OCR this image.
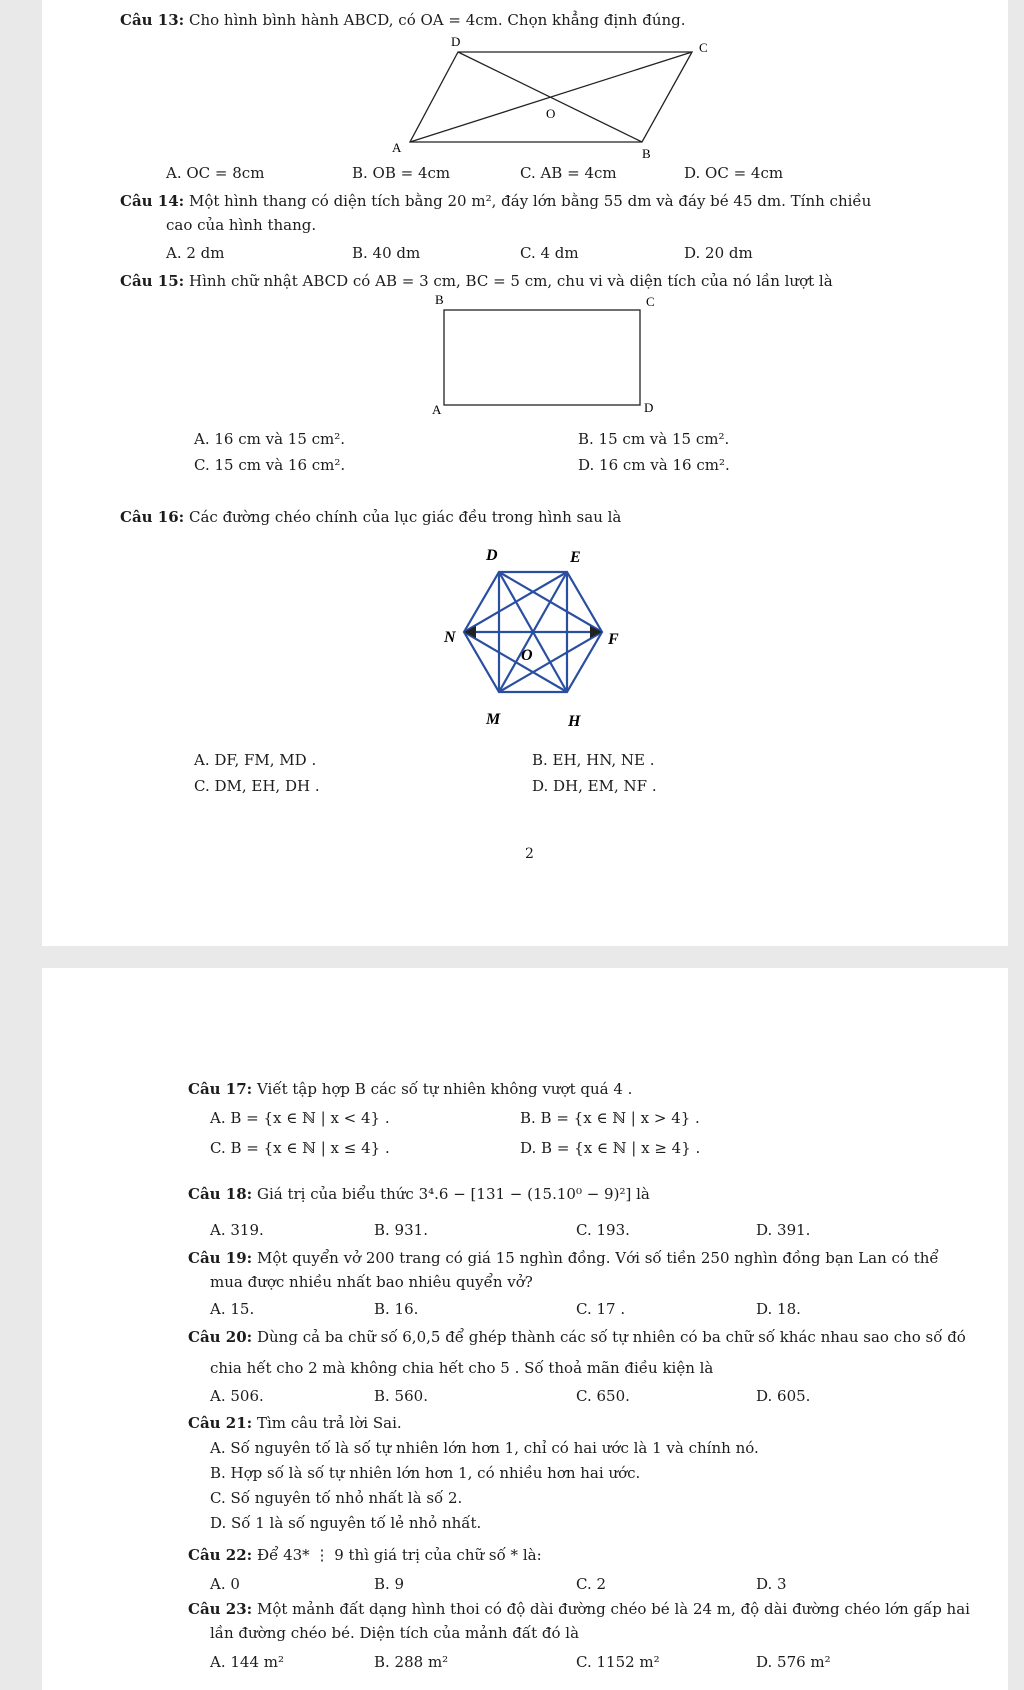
Câu 13: Cho hình bình hành ABCD, có OA = 4cm. Chọn khẳng định đúng.
D	C
O
A	B
A. OC = 8cm	B. OB = 4cm	C. AB = 4cm	D. OC = 4cm
Câu 14: Một hình thang có diện tích bằng 20 m², đáy lớn bằng 55 dm và đáy bé 45 dm. Tính chiều
cao của hình thang.
A. 2 dm	B. 40 dm	C. 4 dm	D. 20 dm
Câu 15: Hình chữ nhật ABCD có AB = 3 cm, BC = 5 cm, chu vi và diện tích của nó lần lượt là
B	C
A	D
A. 16 cm và 15 cm².	B. 15 cm và 15 cm².
C. 15 cm và 16 cm².	D. 16 cm và 16 cm².
Câu 16: Các đường chéo chính của lục giác đều trong hình sau là
D	E
N	F
O
M	H
A. DF, FM, MD .	B. EH, HN, NE .
C. DM, EH, DH .	D. DH, EM, NF .
2
Câu 17: Viết tập hợp B các số tự nhiên không vượt quá 4 .
A. B = {x ∈ ℕ | x < 4} .	B. B = {x ∈ ℕ | x > 4} .
C. B = {x ∈ ℕ | x ≤ 4} .	D. B = {x ∈ ℕ | x ≥ 4} .
Câu 18: Giá trị của biểu thức 3⁴.6 − [131 − (15.10⁰ − 9)²] là
A. 319.	B. 931.	C. 193.	D. 391.
Câu 19: Một quyển vở 200 trang có giá 15 nghìn đồng. Với số tiền 250 nghìn đồng bạn Lan có thể
mua được nhiều nhất bao nhiêu quyển vở?
A. 15.	B. 16.	C. 17 .	D. 18.
Câu 20: Dùng cả ba chữ số 6,0,5 để ghép thành các số tự nhiên có ba chữ số khác nhau sao cho số đó
chia hết cho 2 mà không chia hết cho 5 . Số thoả mãn điều kiện là
A. 506.	B. 560.	C. 650.	D. 605.
Câu 21: Tìm câu trả lời Sai.
A. Số nguyên tố là số tự nhiên lớn hơn 1, chỉ có hai ước là 1 và chính nó.
B. Hợp số là số tự nhiên lớn hơn 1, có nhiều hơn hai ước.
C. Số nguyên tố nhỏ nhất là số 2.
D. Số 1 là số nguyên tố lẻ nhỏ nhất.
Câu 22: Để 43* ⋮ 9 thì giá trị của chữ số * là:
A. 0	B. 9	C. 2	D. 3
Câu 23: Một mảnh đất dạng hình thoi có độ dài đường chéo bé là 24 m, độ dài đường chéo lớn gấp hai
lần đường chéo bé. Diện tích của mảnh đất đó là
A. 144 m²	B. 288 m²	C. 1152 m²	D. 576 m²
